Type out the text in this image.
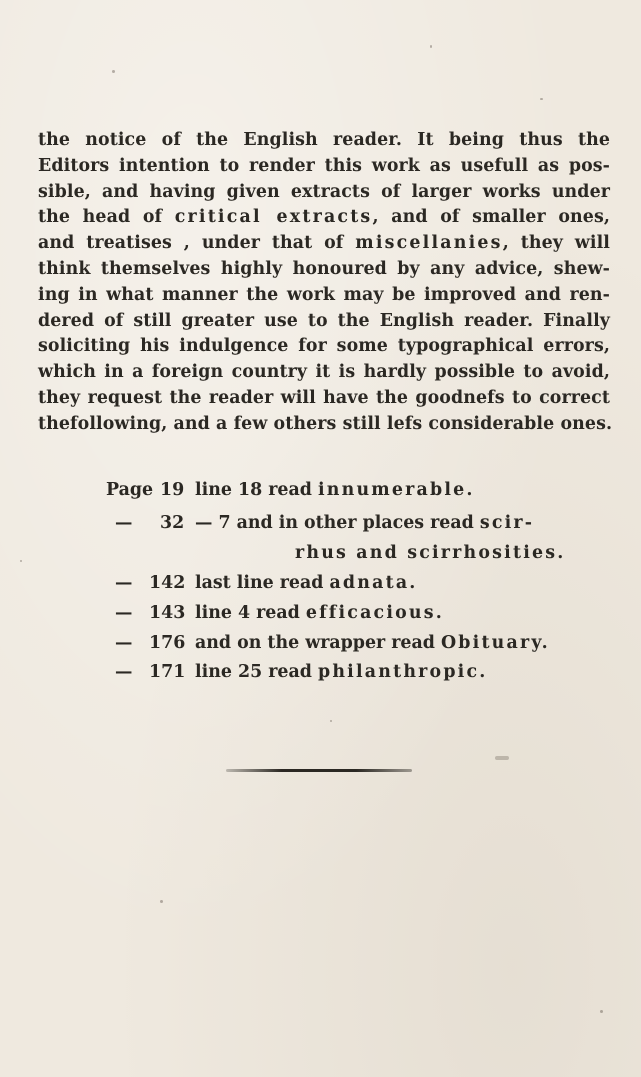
the notice of the English reader. It being thus the
Editors intention to render this work as usefull as pos-
sible, and having given extracts of larger works under
the head of critical extracts, and of smaller ones,
and treatises , under that of miscellanies, they will
think themselves highly honoured by any advice, shew-
ing in what manner the work may be improved and ren-
dered of still greater use to the English reader. Finally
soliciting his indulgence for some typographical errors,
which in a foreign country it is hardly possible to avoid,
they request the reader will have the goodnefs to correct
thefollowing, and a few others still lefs considerable ones.
Page 19 line 18 read innumerable.
— 32 — 7 and in other places read scir-
rhus and scirrhosities.
— 142 last line read adnata.
— 143 line 4 read efficacious.
— 176 and on the wrapper read Obituary.
— 171 line 25 read philanthropic.
